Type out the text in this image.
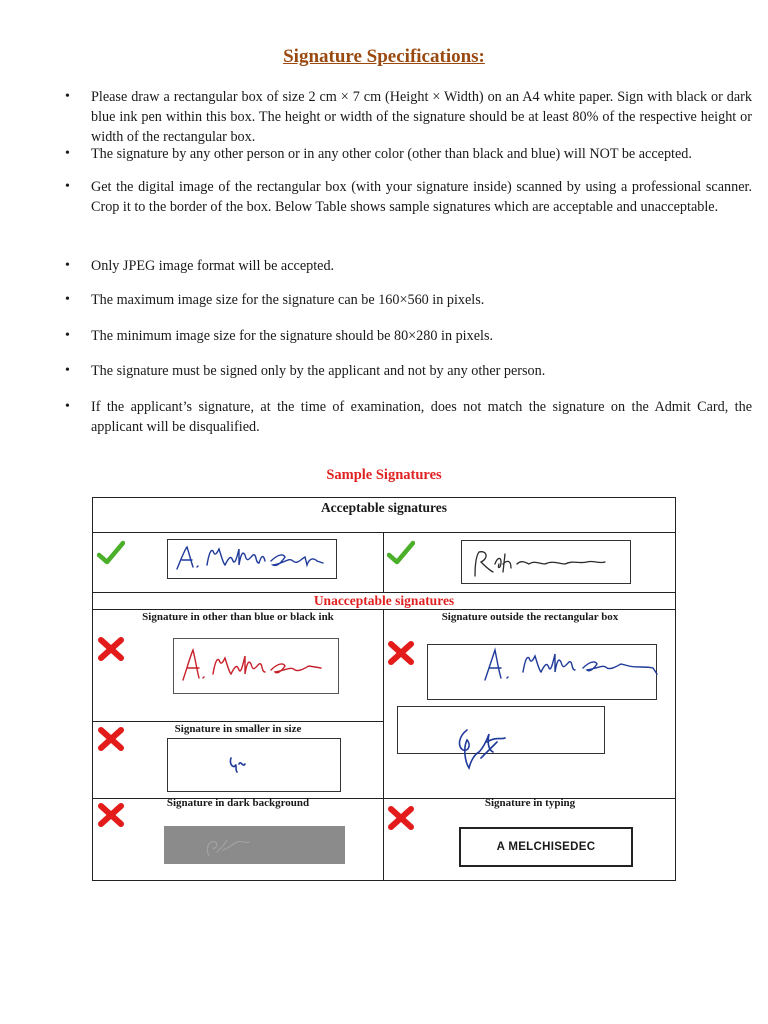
Signature Specifications:
• Please draw a rectangular box of size 2 cm × 7 cm (Height × Width) on an A4 white paper. Sign with black or dark blue ink pen within this box. The height or width of the signature should be at least 80% of the respective height or width of the rectangular box.
• The signature by any other person or in any other color (other than black and blue) will NOT be accepted.
• Get the digital image of the rectangular box (with your signature inside) scanned by using a professional scanner. Crop it to the border of the box. Below Table shows sample signatures which are acceptable and unacceptable.
• Only JPEG image format will be accepted.
• The maximum image size for the signature can be 160×560 in pixels.
• The minimum image size for the signature should be 80×280 in pixels.
• The signature must be signed only by the applicant and not by any other person.
• If the applicant’s signature, at the time of examination, does not match the signature on the Admit Card, the applicant will be disqualified.
Sample Signatures
Acceptable signatures
Unacceptable signatures
Signature in other than blue or black ink	Signature outside the rectangular box
Signature in smaller in size
Signature in dark background	Signature in typing
A MELCHISEDEC
